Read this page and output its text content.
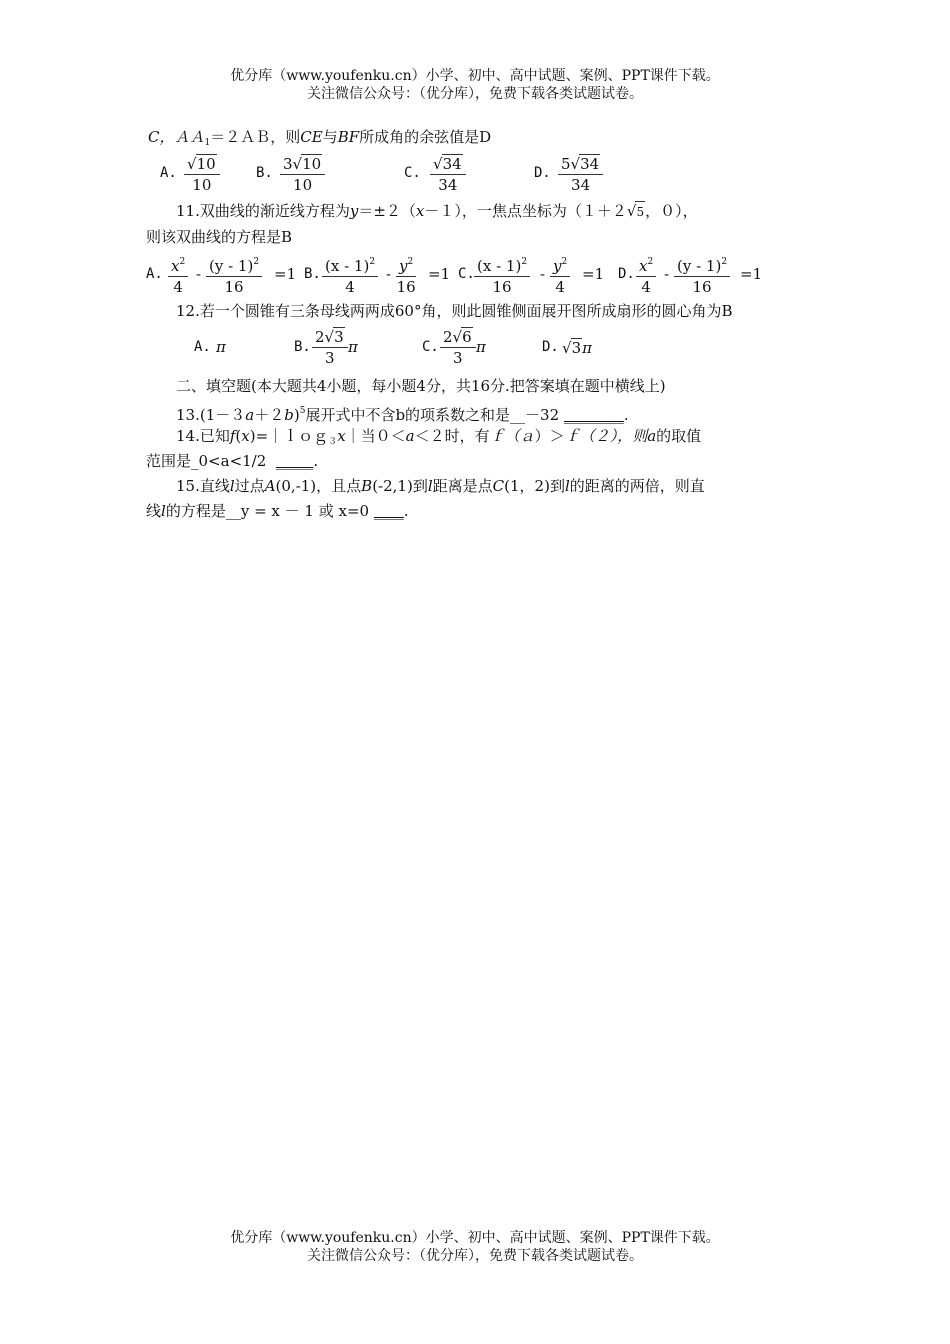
优分库（www.youfenku.cn）小学、初中、高中试题、案例、PPT课件下载。
关注微信公众号：（优分库），免费下载各类试题试卷。
C，ＡＡ$_1$＝２ＡＢ，则CE与BF所成角的余弦值是D
A. $\frac{√10}{10}$	B. $\frac{3√10}{10}$	C. $\frac{√34}{34}$	D. $\frac{5√34}{34}$
11.双曲线的渐近线方程为y＝±２（x－１），一焦点坐标为（１＋２√5，０），
则该双曲线的方程是B
A. $\frac{x^2}{4} - \frac{(y - 1)^2}{16} =1$ B. $\frac{(x - 1)^2}{4} - \frac{y^2}{16} =1$ C. $\frac{(x - 1)^2}{16} - \frac{y^2}{4} =1$ D. $\frac{x^2}{4} - \frac{(y - 1)^2}{16} =1$
12.若一个圆锥有三条母线两两成60°角，则此圆锥侧面展开图所成扇形的圆心角为B
A. π	B. $\frac{2√3}{3}$ π	C. $\frac{2√6}{3}$ π	D. √3π
二、填空题(本大题共4小题，每小题4分，共16分.把答案填在题中横线上)
$13.(1-3a+2b)^5$展开式中不含b的项系数之和是__－32 ________.
14.已知f(x)=｜ｌｏｇ$_3$x｜当０＜a＜２时，有ｆ（ａ）＞ｆ（２），则a的取值
范围是_0<a<1/2 _____.
15.直线l过点A(0,-1)，且点B(-2,1)到l距离是点C(1，2)到l的距离的两倍，则直
线l的方程是__y = x － 1 或 x=0 ____.
优分库（www.youfenku.cn）小学、初中、高中试题、案例、PPT课件下载。
关注微信公众号：（优分库），免费下载各类试题试卷。
